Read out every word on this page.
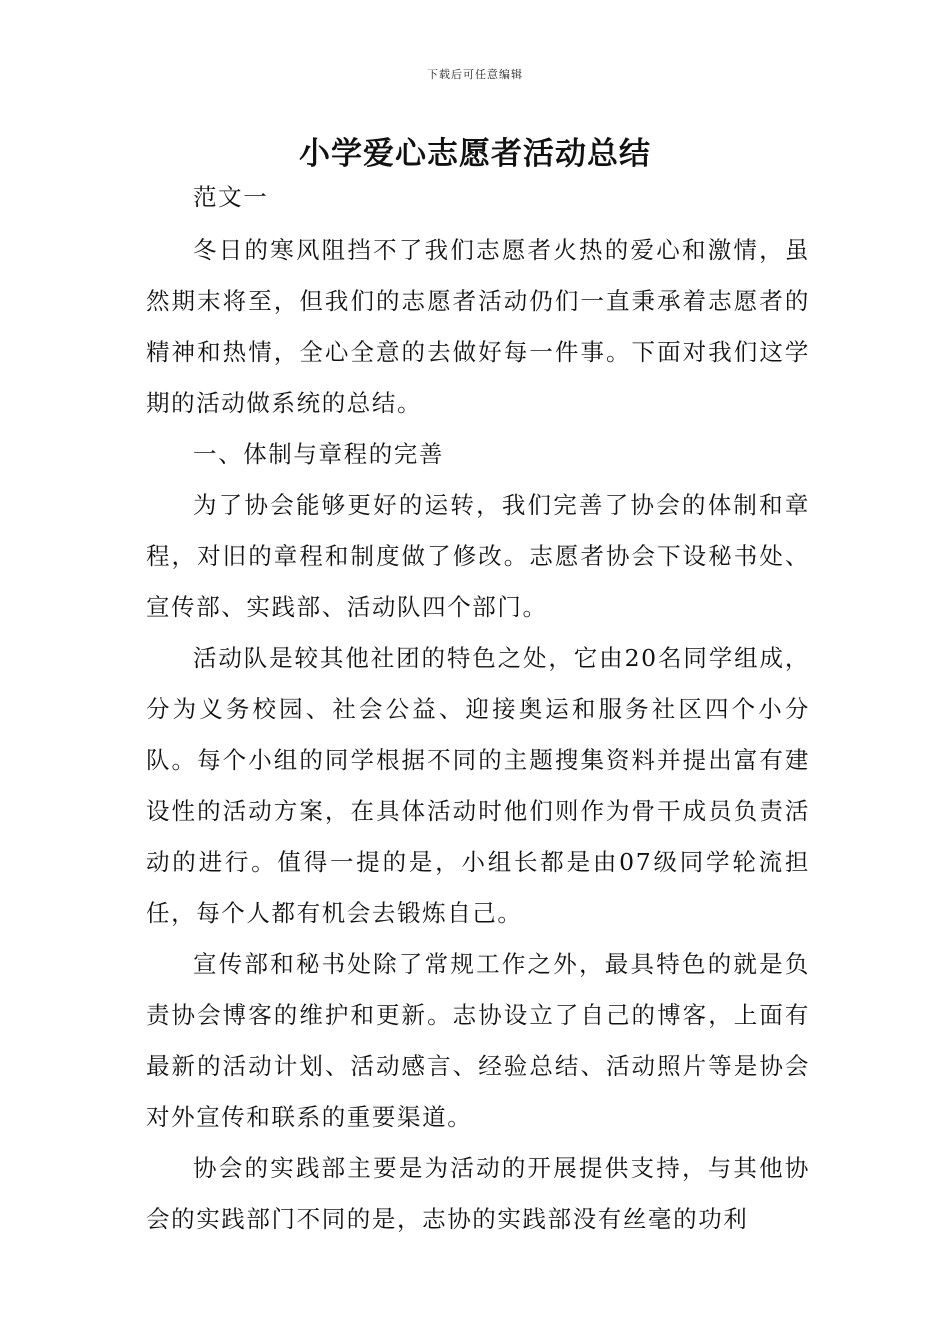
下载后可任意编辑
小学爱心志愿者活动总结

范文一

冬日的寒风阻挡不了我们志愿者火热的爱心和激情，虽然期末将至，但我们的志愿者活动仍们一直秉承着志愿者的精神和热情，全心全意的去做好每一件事。下面对我们这学期的活动做系统的总结。

一、体制与章程的完善

为了协会能够更好的运转，我们完善了协会的体制和章程，对旧的章程和制度做了修改。志愿者协会下设秘书处、宣传部、实践部、活动队四个部门。

活动队是较其他社团的特色之处，它由20名同学组成，分为义务校园、社会公益、迎接奥运和服务社区四个小分队。每个小组的同学根据不同的主题搜集资料并提出富有建设性的活动方案，在具体活动时他们则作为骨干成员负责活动的进行。值得一提的是，小组长都是由07级同学轮流担任，每个人都有机会去锻炼自己。

宣传部和秘书处除了常规工作之外，最具特色的就是负责协会博客的维护和更新。志协设立了自己的博客，上面有最新的活动计划、活动感言、经验总结、活动照片等是协会对外宣传和联系的重要渠道。

协会的实践部主要是为活动的开展提供支持，与其他协会的实践部门不同的是，志协的实践部没有丝毫的功利
